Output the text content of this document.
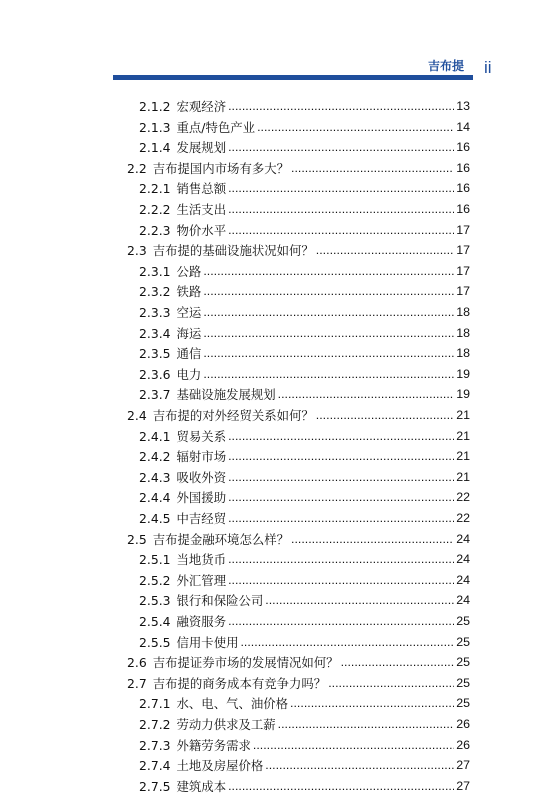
吉布提 ii
2.1.2 宏观经济 .....	13
2.1.3 重点/特色产业 .....	14
2.1.4 发展规划 .....	16
2.2 吉布提国内市场有多大？ .....	16
2.2.1 销售总额 .....	16
2.2.2 生活支出 .....	16
2.2.3 物价水平 .....	17
2.3 吉布提的基础设施状况如何？ .....	17
2.3.1 公路 .....	17
2.3.2 铁路 .....	17
2.3.3 空运 .....	18
2.3.4 海运 .....	18
2.3.5 通信 .....	18
2.3.6 电力 .....	19
2.3.7 基础设施发展规划 .....	19
2.4 吉布提的对外经贸关系如何？ .....	21
2.4.1 贸易关系 .....	21
2.4.2 辐射市场 .....	21
2.4.3 吸收外资 .....	21
2.4.4 外国援助 .....	22
2.4.5 中吉经贸 .....	22
2.5 吉布提金融环境怎么样？ .....	24
2.5.1 当地货币 .....	24
2.5.2 外汇管理 .....	24
2.5.3 银行和保险公司 .....	24
2.5.4 融资服务 .....	25
2.5.5 信用卡使用 .....	25
2.6 吉布提证券市场的发展情况如何？ .....	25
2.7 吉布提的商务成本有竞争力吗？ .....	25
2.7.1 水、电、气、油价格 .....	25
2.7.2 劳动力供求及工薪 .....	26
2.7.3 外籍劳务需求 .....	26
2.7.4 土地及房屋价格 .....	27
2.7.5 建筑成本 .....	27
